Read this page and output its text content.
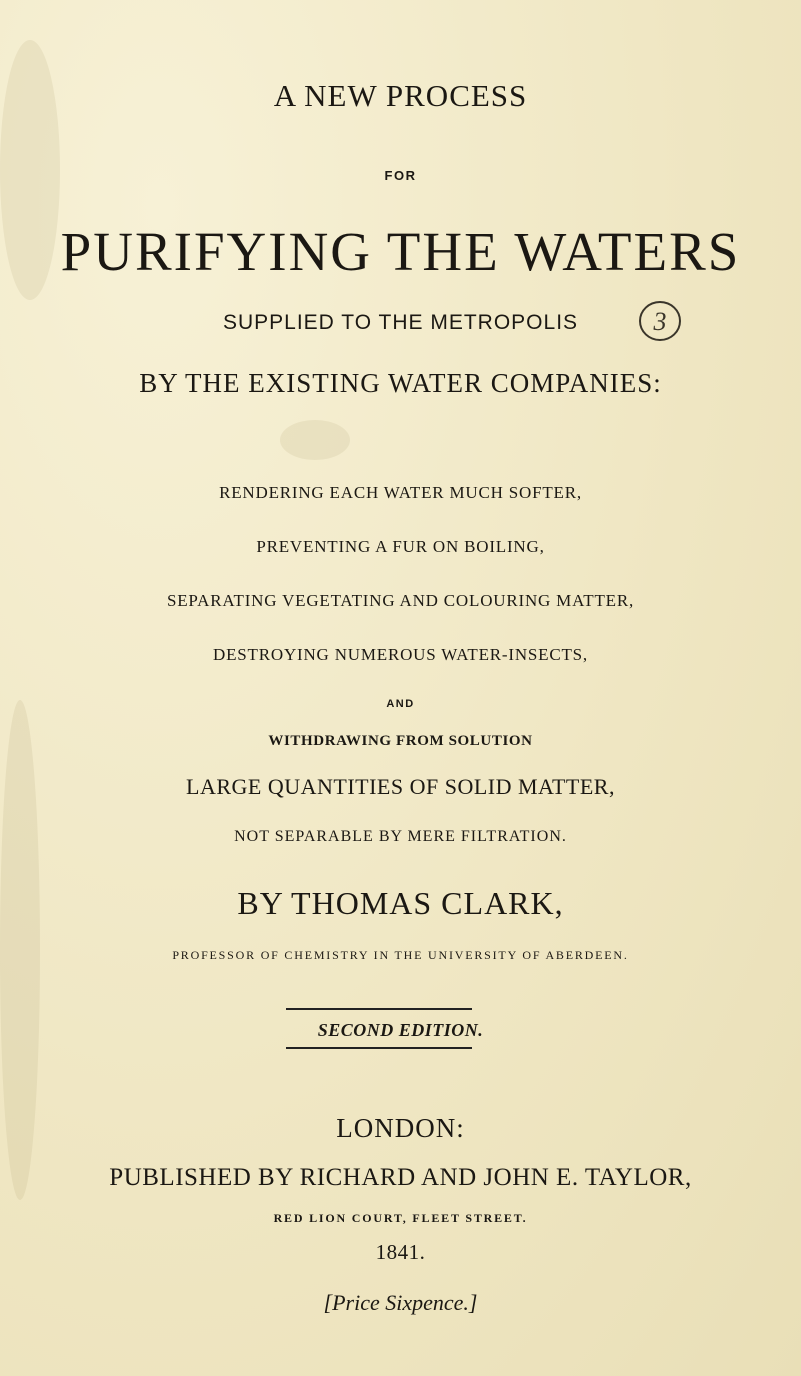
A NEW PROCESS
FOR
PURIFYING THE WATERS
SUPPLIED TO THE METROPOLIS	3
BY THE EXISTING WATER COMPANIES:
RENDERING EACH WATER MUCH SOFTER,
PREVENTING A FUR ON BOILING,
SEPARATING VEGETATING AND COLOURING MATTER,
DESTROYING NUMEROUS WATER-INSECTS,
AND
WITHDRAWING FROM SOLUTION
LARGE QUANTITIES OF SOLID MATTER,
NOT SEPARABLE BY MERE FILTRATION.
BY THOMAS CLARK,
PROFESSOR OF CHEMISTRY IN THE UNIVERSITY OF ABERDEEN.
SECOND EDITION.
LONDON:
PUBLISHED BY RICHARD AND JOHN E. TAYLOR,
RED LION COURT, FLEET STREET.
1841.
[Price Sixpence.]
